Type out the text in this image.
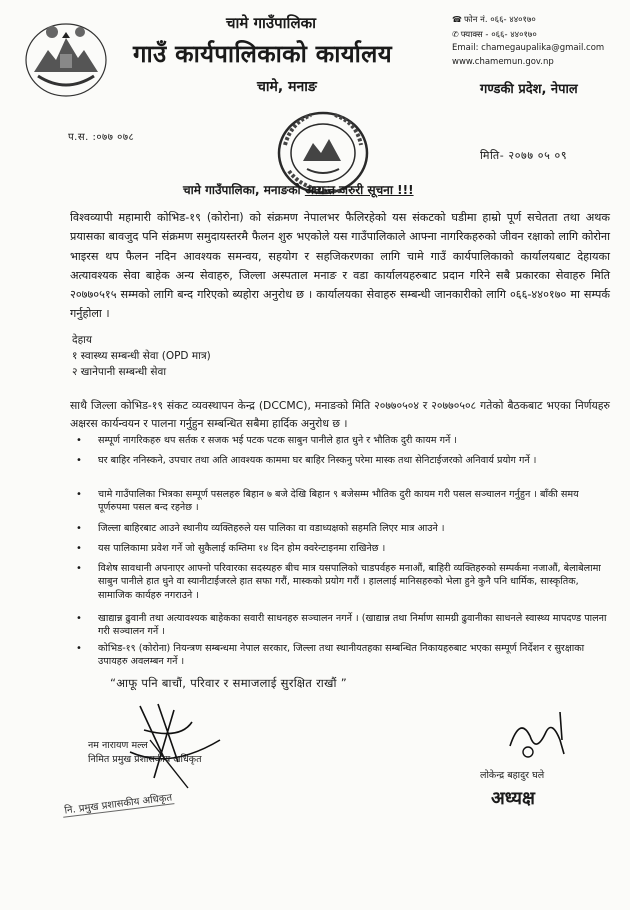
चामे गाउँपालिका
गाउँ कार्यपालिकाको कार्यालय
चामे, मनाङ
☎ फोन नं. ०६६- ४४०१७०
✆ फ्याक्स - ०६६- ४४०१७०
Email: chamegaupalika@gmail.com
www.chamemun.gov.np
गण्डकी प्रदेश, नेपाल
प.स. :०७७ ०७८
मिति- २०७७ ०५ ०९
चामे गाउँपालिका, मनाङको अत्यन्त जरुरी सूचना !!!
विश्वव्यापी महामारी कोभिड-१९ (कोरोना) को संक्रमण नेपालभर फैलिरहेको यस संकटको घडीमा हाम्रो पूर्ण सचेतता तथा अथक प्रयासका बावजुद पनि संक्रमण समुदायस्तरमै फैलन शुरु भएकोले यस गाउँपालिकाले आफ्ना नागरिकहरुको जीवन रक्षाको लागि कोरोना भाइरस थप फैलन नदिन आवश्यक समन्वय, सहयोग र सहजिकरणका लागि चामे गाउँ कार्यपालिकाको कार्यालयबाट देहायका अत्यावश्यक सेवा बाहेक अन्य सेवाहरु, जिल्ला अस्पताल मनाङ र वडा कार्यालयहरुबाट प्रदान गरिने सबै प्रकारका सेवाहरु मिति २०७७०५१५ सम्मको लागि बन्द गरिएको ब्यहोरा अनुरोध छ । कार्यालयका सेवाहरु सम्बन्धी जानकारीको लागि ०६६-४४०१७० मा सम्पर्क गर्नुहोला ।
देहाय
१ स्वास्थ्य सम्बन्धी सेवा (OPD मात्र)
२ खानेपानी सम्बन्धी सेवा
साथै जिल्ला कोभिड-१९ संकट व्यवस्थापन केन्द्र (DCCMC), मनाङको मिति २०७७०५०४ र २०७७०५०८ गतेको बैठकबाट भएका निर्णयहरु अक्षरस कार्यन्वयन र पालना गर्नुहुन सम्बन्धित सबैमा हार्दिक अनुरोध छ ।
• सम्पूर्ण नागरिकहरु थप सर्तक र सजक भई पटक पटक साबुन पानीले हात धुने र भौतिक दुरी कायम गर्ने ।
• घर बाहिर ननिस्कने, उपचार तथा अति आवश्यक काममा घर बाहिर निस्कनु परेमा मास्क तथा सेनिटाईजरको अनिवार्य प्रयोग गर्ने ।
• चामे गाउँपालिका भित्रका सम्पूर्ण पसलहरु बिहान ७ बजे देखि बिहान ९ बजेसम्म भौतिक दुरी कायम गरी पसल सञ्चालन गर्नुहुन । बाँकी समय पूर्णरुपमा पसल बन्द रहनेछ ।
• जिल्ला बाहिरबाट आउने स्थानीय व्यक्तिहरुले यस पालिका वा वडाध्यक्षको सहमति लिएर मात्र आउने ।
• यस पालिकामा प्रवेश गर्ने जो सुकैलाई कम्तिमा १४ दिन होम क्वरेन्टाइनमा राखिनेछ ।
• विशेष सावधानी अपनाएर आफ्नो परिवारका सदस्यहरु बीच मात्र यसपालिको चाडपर्वहरु मनाऔं, बाहिरी व्यक्तिहरुको सम्पर्कमा नजाऔं, बेलाबेलामा साबुन पानीले हात धुने वा स्यानीटाईजरले हात सफा गरौं, मास्कको प्रयोग गरौं । हाललाई मानिसहरुको भेला हुने कुनै पनि धार्मिक, सास्कृतिक, सामाजिक कार्यहरु नगराउने ।
• खाद्यान्न ढुवानी तथा अत्यावश्यक बाहेकका सवारी साधनहरु सञ्चालन नगर्ने । (खाद्यान्न तथा निर्माण सामग्री ढुवानीका साधनले स्वास्थ्य मापदण्ड पालना गरी सञ्चालन गर्ने ।
• कोभिड-१९ (कोरोना) नियन्त्रण सम्बन्धमा नेपाल सरकार, जिल्ला तथा स्थानीयतहका सम्बन्धित निकायहरुबाट भएका सम्पूर्ण निर्देशन र सुरक्षाका उपायहरु अवलम्बन गर्ने ।
“आफू पनि बाचौं, परिवार र समाजलाई सुरक्षित राखौं ”
नम नारायण मल्ल
निमित प्रमुख प्रशासकीय अधिकृत
नि. प्रमुख प्रशासकीय अधिकृत
लोकेन्द्र बहादुर घले
अध्यक्ष
